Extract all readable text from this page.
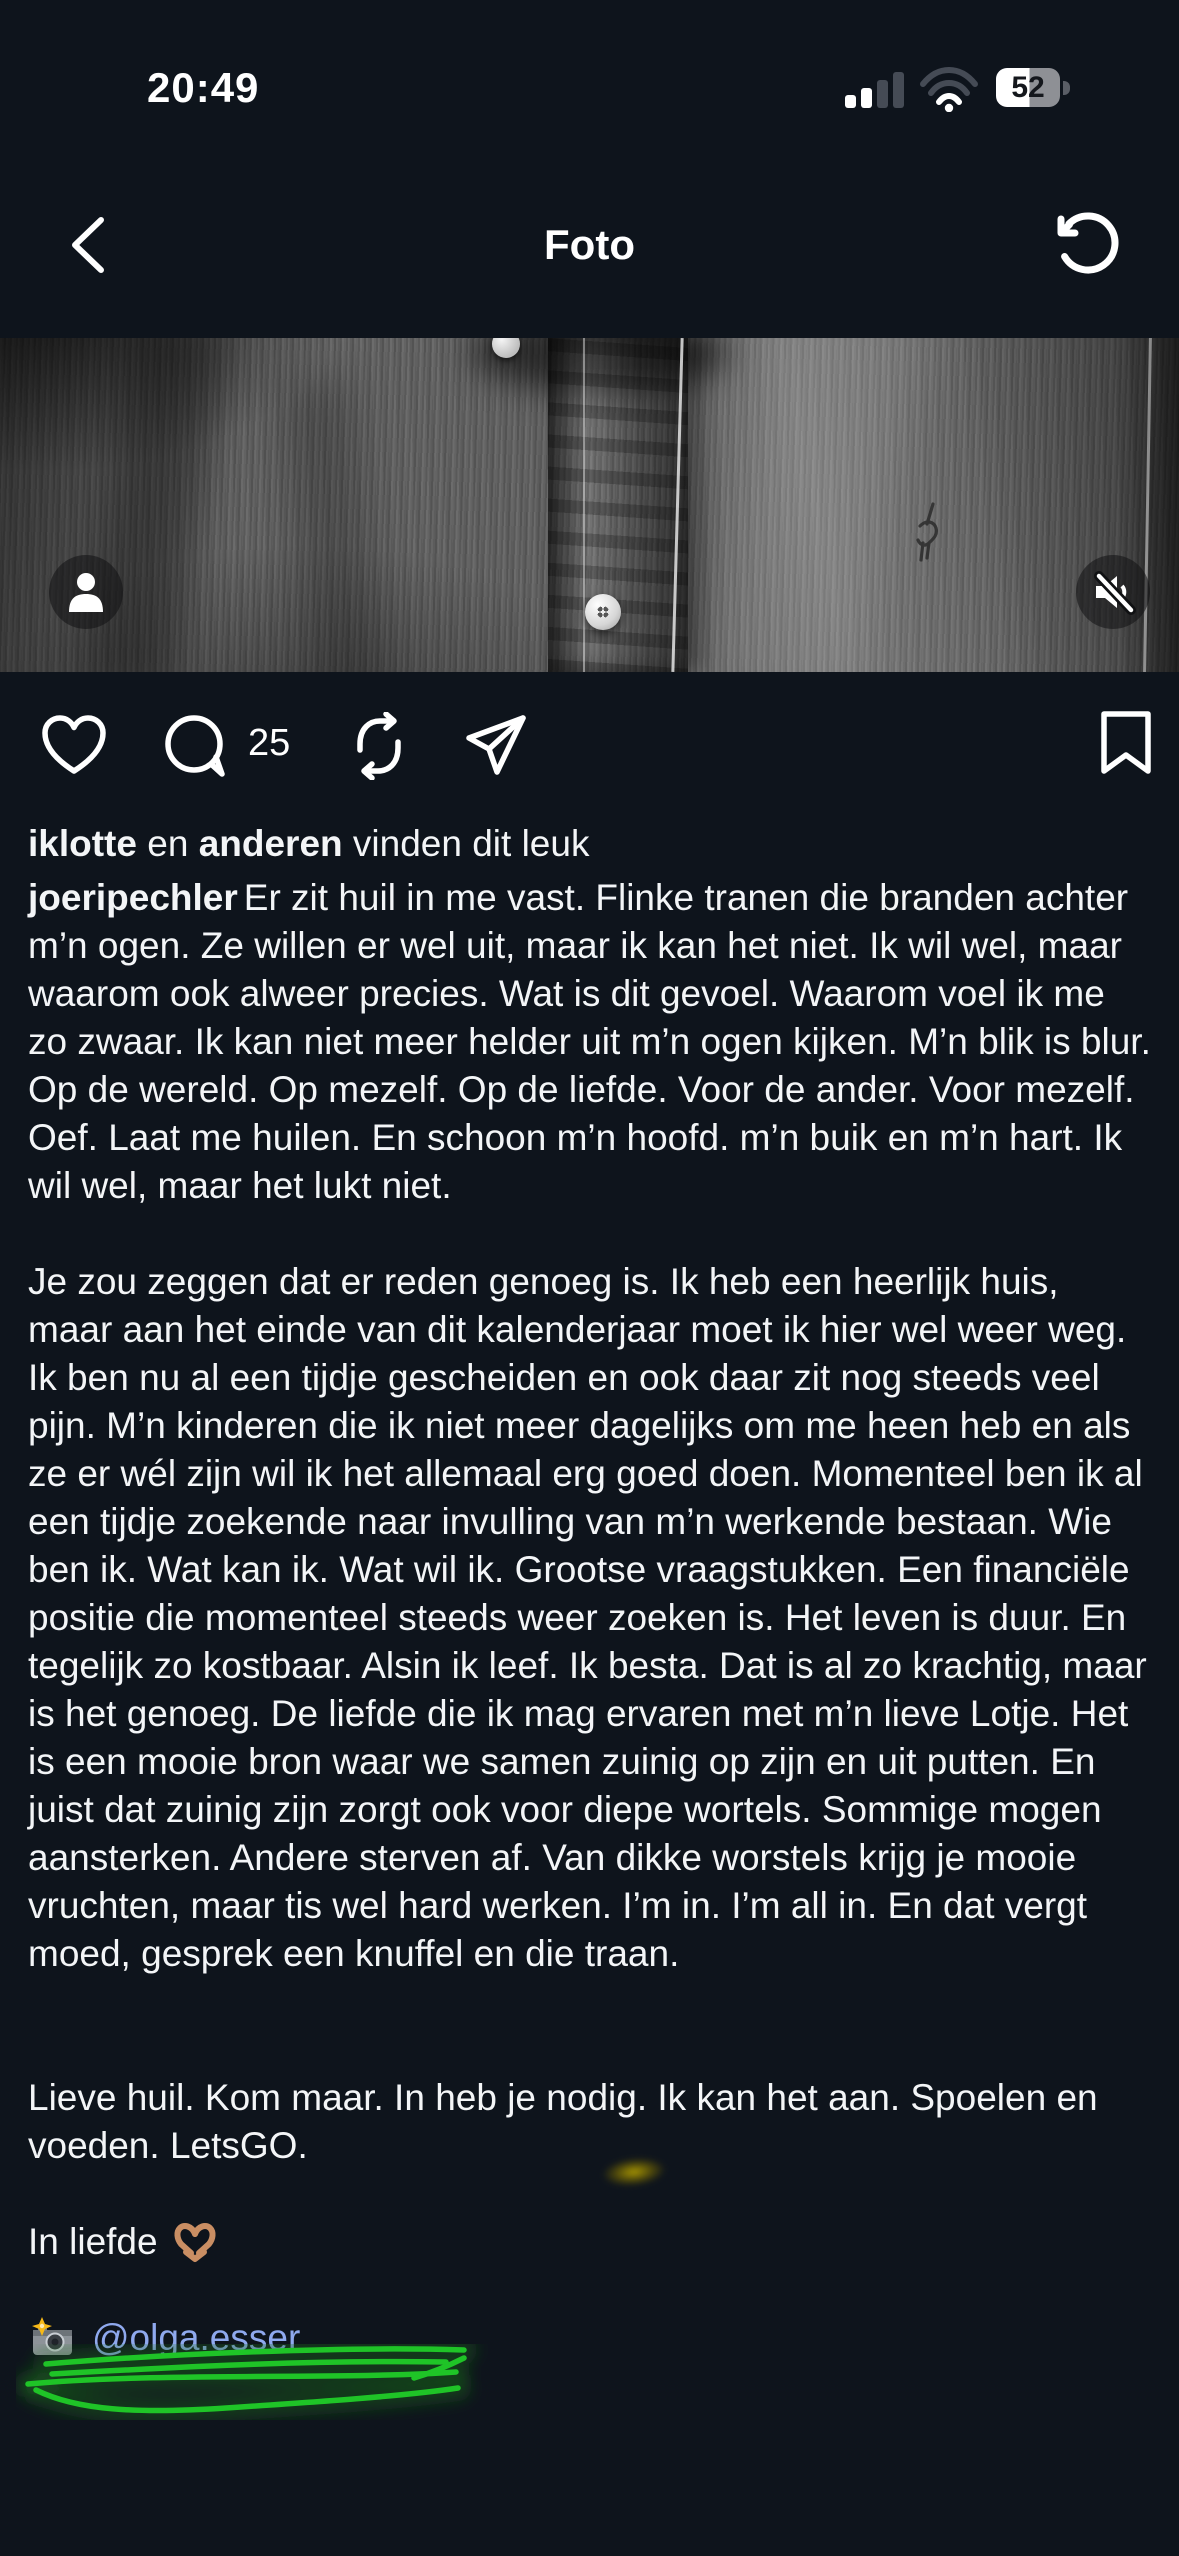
20:49	52
Foto
25
iklotte en anderen vinden dit leuk

joeripechler Er zit huil in me vast. Flinke tranen die branden achter m’n ogen. Ze willen er wel uit, maar ik kan het niet. Ik wil wel, maar waarom ook alweer precies. Wat is dit gevoel. Waarom voel ik me zo zwaar. Ik kan niet meer helder uit m’n ogen kijken. M’n blik is blur. Op de wereld. Op mezelf. Op de liefde. Voor de ander. Voor mezelf. Oef. Laat me huilen. En schoon m’n hoofd. m’n buik en m’n hart. Ik wil wel, maar het lukt niet.

Je zou zeggen dat er reden genoeg is. Ik heb een heerlijk huis, maar aan het einde van dit kalenderjaar moet ik hier wel weer weg. Ik ben nu al een tijdje gescheiden en ook daar zit nog steeds veel pijn. M’n kinderen die ik niet meer dagelijks om me heen heb en als ze er wél zijn wil ik het allemaal erg goed doen. Momenteel ben ik al een tijdje zoekende naar invulling van m’n werkende bestaan. Wie ben ik. Wat kan ik. Wat wil ik. Grootse vraagstukken. Een financiële positie die momenteel steeds weer zoeken is. Het leven is duur. En tegelijk zo kostbaar. Alsin ik leef. Ik besta. Dat is al zo krachtig, maar is het genoeg. De liefde die ik mag ervaren met m’n lieve Lotje. Het is een mooie bron waar we samen zuinig op zijn en uit putten. En juist dat zuinig zijn zorgt ook voor diepe wortels. Sommige mogen aansterken. Andere sterven af. Van dikke worstels krijg je mooie vruchten, maar tis wel hard werken. I’m in. I’m all in. En dat vergt moed, gesprek een knuffel en die traan.

Lieve huil. Kom maar. In heb je nodig. Ik kan het aan. Spoelen en voeden. LetsGO.

In liefde
@olga.esser
